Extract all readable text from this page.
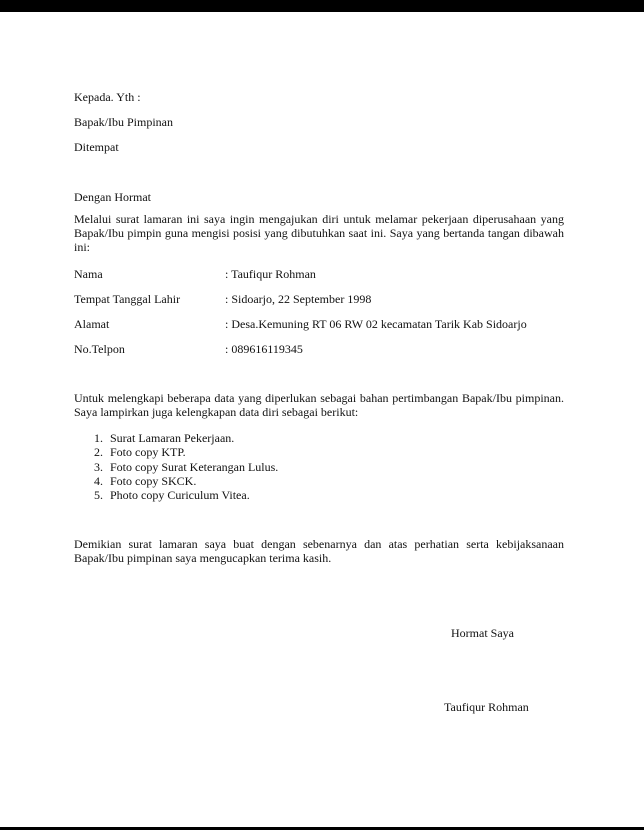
Kepada. Yth :
Bapak/Ibu Pimpinan
Ditempat
Dengan Hormat
Melalui surat lamaran ini saya ingin mengajukan diri untuk melamar pekerjaan diperusahaan yang Bapak/Ibu pimpin guna mengisi posisi yang dibutuhkan saat ini. Saya yang bertanda tangan dibawah ini:
Nama	: Taufiqur Rohman
Tempat Tanggal Lahir	: Sidoarjo, 22 September 1998
Alamat	: Desa.Kemuning RT 06 RW 02 kecamatan Tarik Kab Sidoarjo
No.Telpon	: 089616119345
Untuk melengkapi beberapa data yang diperlukan sebagai bahan pertimbangan Bapak/Ibu pimpinan. Saya lampirkan juga kelengkapan data diri sebagai berikut:
1. Surat Lamaran Pekerjaan.
2. Foto copy KTP.
3. Foto copy Surat Keterangan Lulus.
4. Foto copy SKCK.
5. Photo copy Curiculum Vitea.
Demikian surat lamaran saya buat dengan sebenarnya dan atas perhatian serta kebijaksanaan Bapak/Ibu pimpinan saya mengucapkan terima kasih.
Hormat Saya
Taufiqur Rohman
